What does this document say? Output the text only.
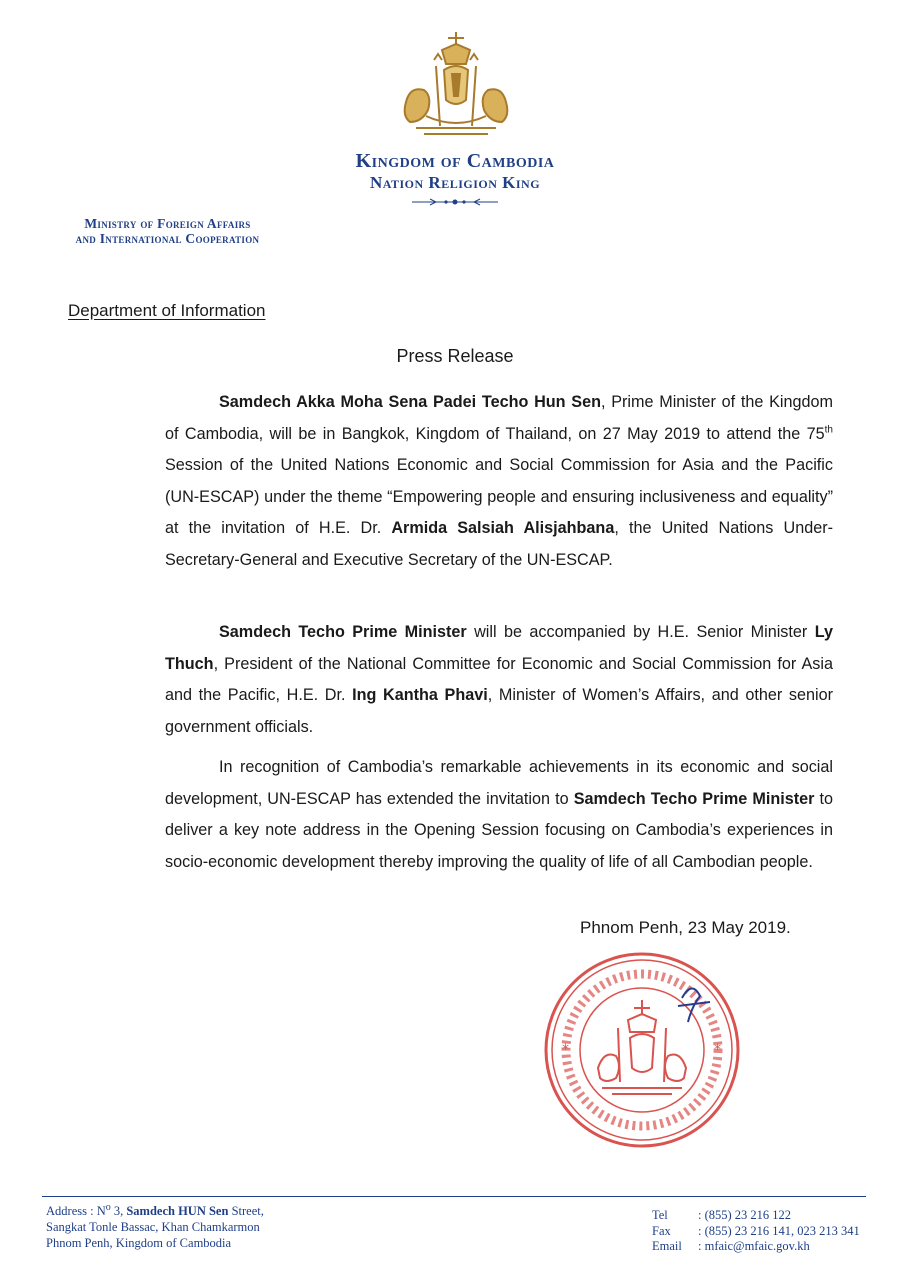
Kingdom of Cambodia
Nation Religion King
Ministry of Foreign Affairs
and International Cooperation
Department of Information
Press Release

Samdech Akka Moha Sena Padei Techo Hun Sen, Prime Minister of the Kingdom of Cambodia, will be in Bangkok, Kingdom of Thailand, on 27 May 2019 to attend the 75th Session of the United Nations Economic and Social Commission for Asia and the Pacific (UN-ESCAP) under the theme “Empowering people and ensuring inclusiveness and equality” at the invitation of H.E. Dr. Armida Salsiah Alisjahbana, the United Nations Under-Secretary-General and Executive Secretary of the UN-ESCAP.

Samdech Techo Prime Minister will be accompanied by H.E. Senior Minister Ly Thuch, President of the National Committee for Economic and Social Commission for Asia and the Pacific, H.E. Dr. Ing Kantha Phavi, Minister of Women’s Affairs, and other senior government officials.

In recognition of Cambodia’s remarkable achievements in its economic and social development, UN-ESCAP has extended the invitation to Samdech Techo Prime Minister to deliver a key note address in the Opening Session focusing on Cambodia’s experiences in socio-economic development thereby improving the quality of life of all Cambodian people.

Phnom Penh, 23 May 2019.
*	*
Address : $N^o$ 3, Samdech HUN Sen Street,
Sangkat Tonle Bassac, Khan Chamkarmon
Phnom Penh, Kingdom of Cambodia
Tel : (855) 23 216 122
Fax : (855) 23 216 141, 023 213 341
Email : mfaic@mfaic.gov.kh
